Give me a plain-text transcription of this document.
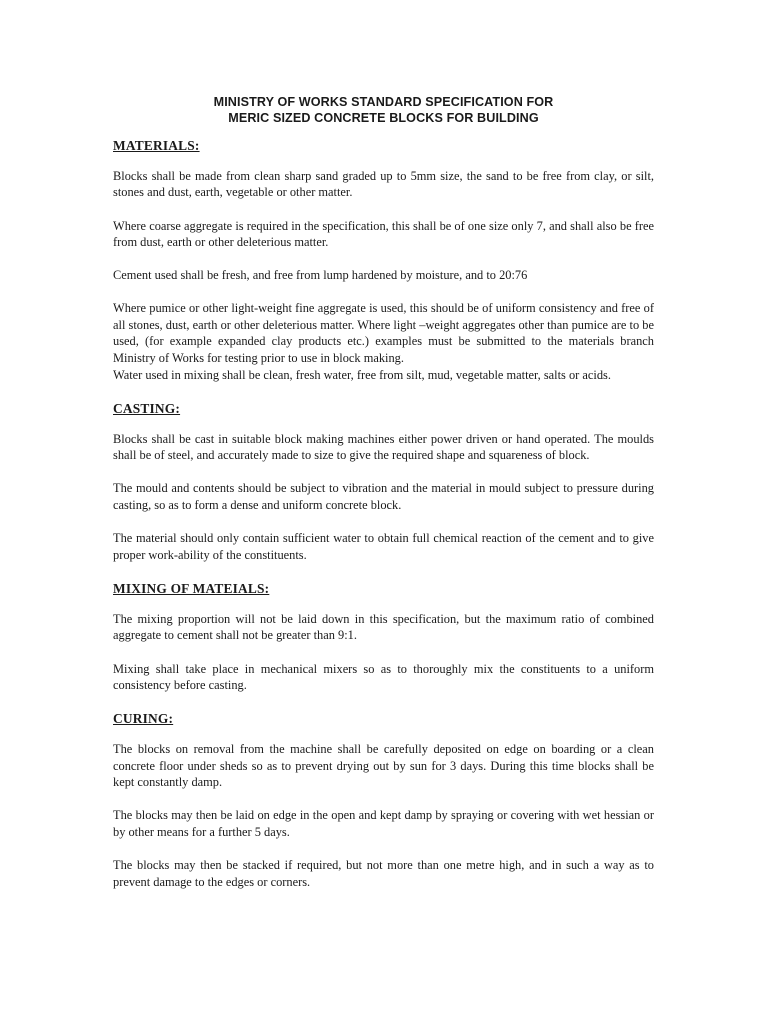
MINISTRY OF WORKS STANDARD SPECIFICATION FOR
MERIC SIZED CONCRETE BLOCKS FOR BUILDING
MATERIALS:
Blocks shall be made from clean sharp sand graded up to 5mm size, the sand to be free from clay, or silt, stones and dust, earth, vegetable or other matter.
Where coarse aggregate is required in the specification, this shall be of one size only 7, and shall also be free from dust, earth or other deleterious matter.
Cement used shall be fresh, and free from lump hardened by moisture, and to 20:76
Where pumice or other light-weight fine aggregate is used, this should be of uniform consistency and free of all stones, dust, earth or other deleterious matter. Where light –weight aggregates other than pumice are to be used, (for example expanded clay products etc.) examples must be submitted to the materials branch Ministry of Works for testing prior to use in block making.
Water used in mixing shall be clean, fresh water, free from silt, mud, vegetable matter, salts or acids.
CASTING:
Blocks shall be cast in suitable block making machines either power driven or hand operated. The moulds shall be of steel, and accurately made to size to give the required shape and squareness of block.
The mould and contents should be subject to vibration and the material in mould subject to pressure during casting, so as to form a dense and uniform concrete block.
The material should only contain sufficient water to obtain full chemical reaction of the cement and to give proper work-ability of the constituents.
MIXING OF MATEIALS:
The mixing proportion will not be laid down in this specification, but the maximum ratio of combined aggregate to cement shall not be greater than 9:1.
Mixing shall take place in mechanical mixers so as to thoroughly mix the constituents to a uniform consistency before casting.
CURING:
The blocks on removal from the machine shall be carefully deposited on edge on boarding or a clean concrete floor under sheds so as to prevent drying out by sun for 3 days. During this time blocks shall be kept constantly damp.
The blocks may then be laid on edge in the open and kept damp by spraying or covering with wet hessian or by other means for a further 5 days.
The blocks may then be stacked if required, but not more than one metre high, and in such a way as to prevent damage to the edges or corners.
